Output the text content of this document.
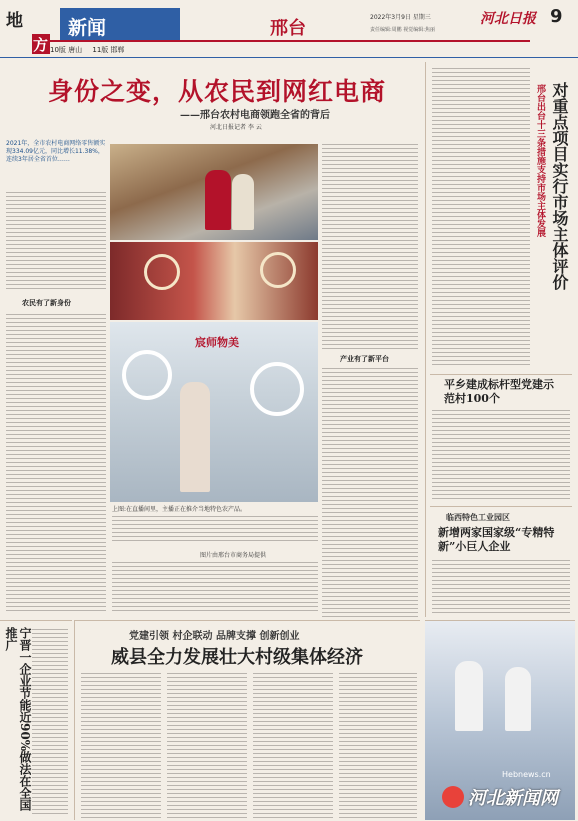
地
方
新闻	邢台
2022年3月9日 星期三
责任编辑:周鹏 视觉编辑:焦丽
河北日报 9
10版 唐山 11版 邯郸
身份之变，从农民到网红电商
——邢台农村电商领跑全省的背后
河北日报记者 李 云
2021年，全市农村电商网络零售额实现334.09亿元，同比增长11.38%，连续3年居全省首位……
农民有了新身份
宸师物美
上图:在直播间里，主播正在推介当地特色农产品。
图片由邢台市商务局提供
产业有了新平台
对重点项目实行市场主体评价
邢台出台十三条措施支持市场主体发展
平乡建成标杆型党建示范村100个
临西特色工业园区
新增两家国家级“专精特新”小巨人企业
宁晋一企业节能近90%做法在全国推广	党建引领 村企联动 品牌支撑 创新创业
威县全力发展壮大村级集体经济
Hebnews.cn
河北新闻网
